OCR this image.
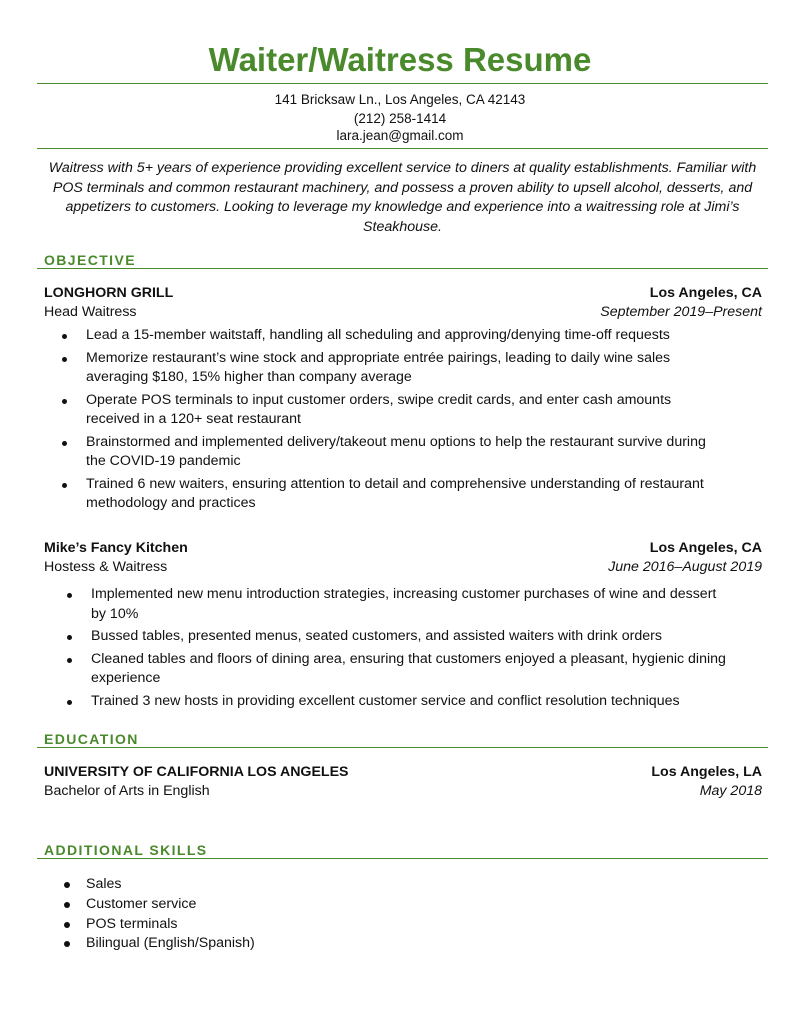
Waiter/Waitress Resume
141 Bricksaw Ln., Los Angeles, CA 42143
(212) 258-1414
lara.jean@gmail.com
Waitress with 5+ years of experience providing excellent service to diners at quality establishments. Familiar with POS terminals and common restaurant machinery, and possess a proven ability to upsell alcohol, desserts, and appetizers to customers. Looking to leverage my knowledge and experience into a waitressing role at Jimi’s Steakhouse.
OBJECTIVE
LONGHORN GRILL	Los Angeles, CA
Head Waitress	September 2019–Present
Lead a 15-member waitstaff, handling all scheduling and approving/denying time-off requests
Memorize restaurant’s wine stock and appropriate entrée pairings, leading to daily wine sales averaging $180, 15% higher than company average
Operate POS terminals to input customer orders, swipe credit cards, and enter cash amounts received in a 120+ seat restaurant
Brainstormed and implemented delivery/takeout menu options to help the restaurant survive during the COVID-19 pandemic
Trained 6 new waiters, ensuring attention to detail and comprehensive understanding of restaurant methodology and practices
Mike’s Fancy Kitchen	Los Angeles, CA
Hostess & Waitress	June 2016–August 2019
Implemented new menu introduction strategies, increasing customer purchases of wine and dessert by 10%
Bussed tables, presented menus, seated customers, and assisted waiters with drink orders
Cleaned tables and floors of dining area, ensuring that customers enjoyed a pleasant, hygienic dining experience
Trained 3 new hosts in providing excellent customer service and conflict resolution techniques
EDUCATION
UNIVERSITY OF CALIFORNIA LOS ANGELES	Los Angeles, LA
Bachelor of Arts in English	May 2018
ADDITIONAL SKILLS
Sales
Customer service
POS terminals
Bilingual (English/Spanish)
